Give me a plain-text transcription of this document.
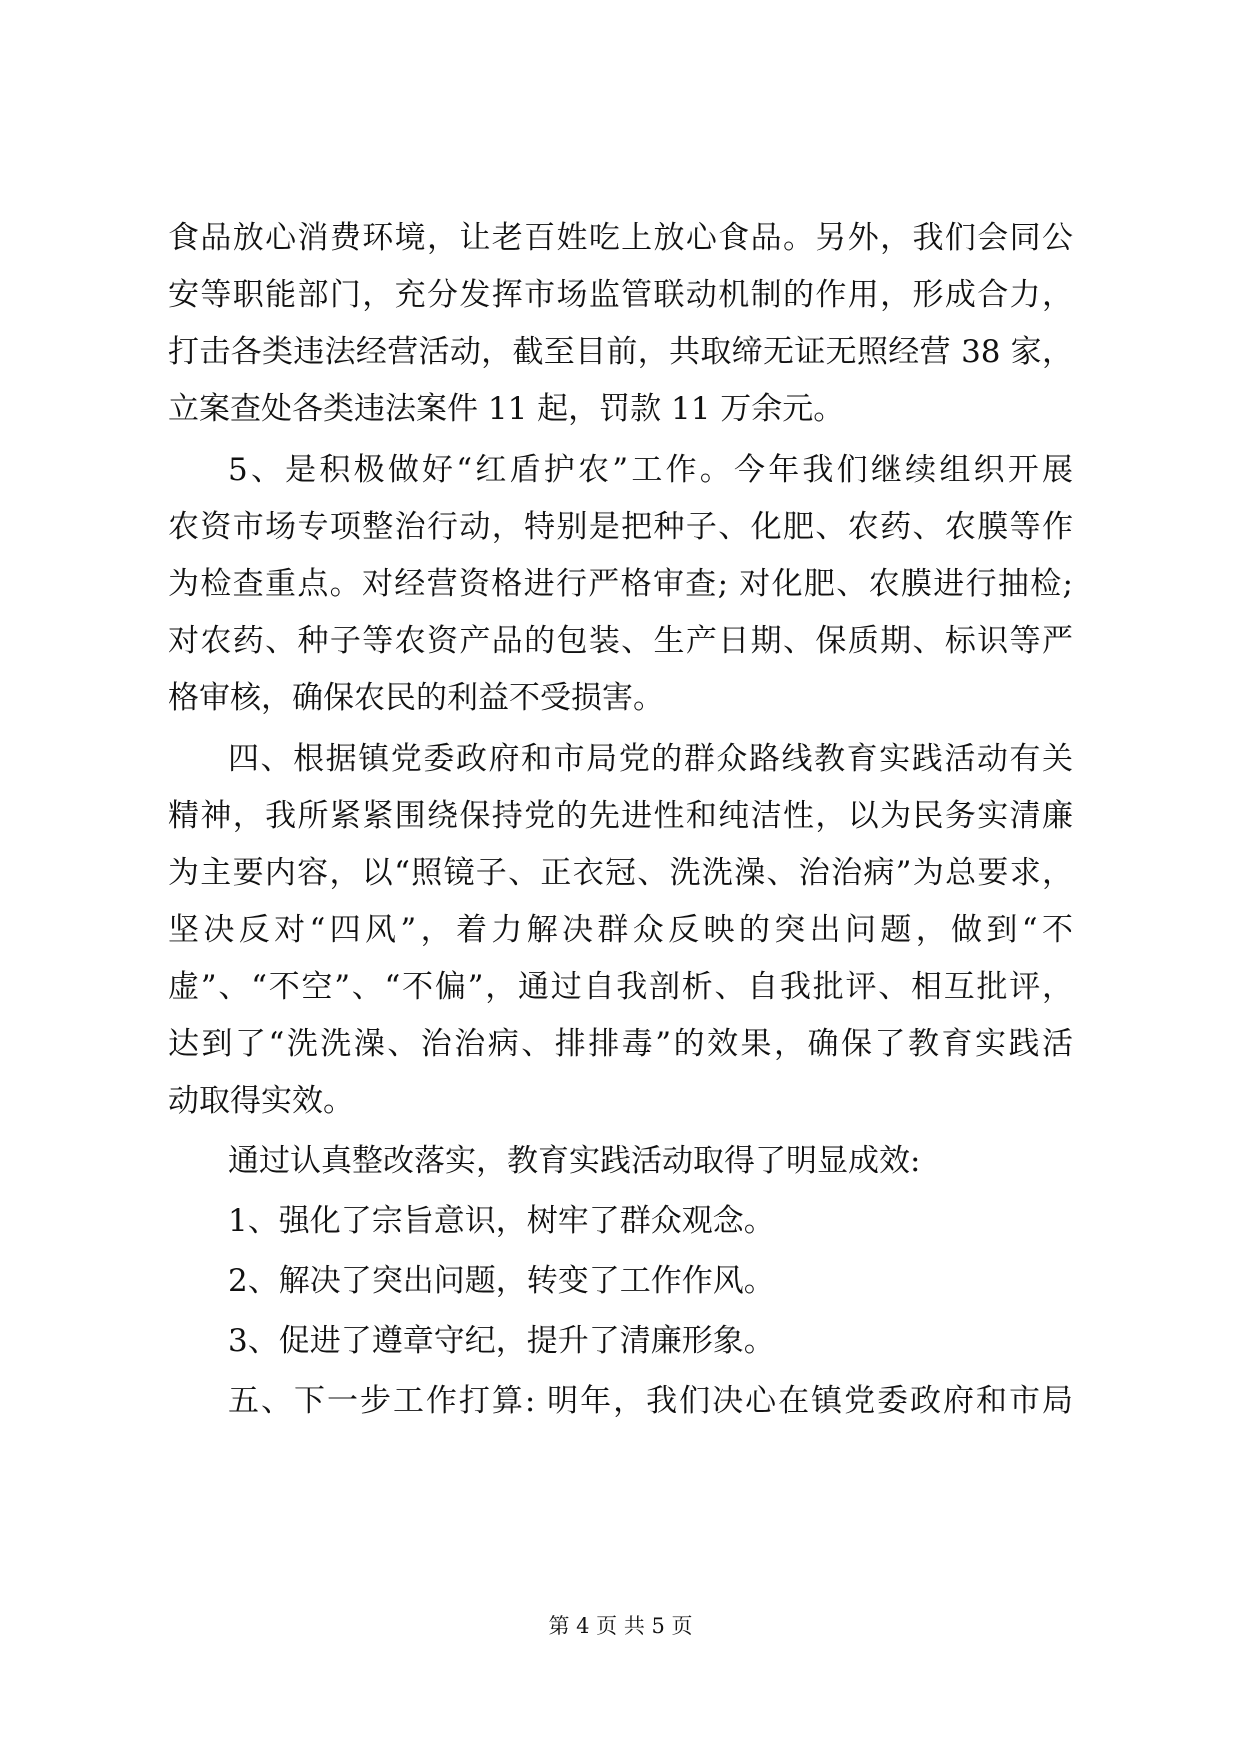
食品放心消费环境，让老百姓吃上放心食品。另外，我们会同公
安等职能部门，充分发挥市场监管联动机制的作用，形成合力，
打击各类违法经营活动，截至目前，共取缔无证无照经营 38 家，
立案查处各类违法案件 11 起，罚款 11 万余元。
5、是积极做好“红盾护农”工作。今年我们继续组织开展
农资市场专项整治行动，特别是把种子、化肥、农药、农膜等作
为检查重点。对经营资格进行严格审查; 对化肥、农膜进行抽检;
对农药、种子等农资产品的包装、生产日期、保质期、标识等严
格审核，确保农民的利益不受损害。
四、根据镇党委政府和市局党的群众路线教育实践活动有关
精神，我所紧紧围绕保持党的先进性和纯洁性，以为民务实清廉
为主要内容，以“照镜子、正衣冠、洗洗澡、治治病”为总要求，
坚决反对“四风”，着力解决群众反映的突出问题，做到“不
虚”、“不空”、“不偏”，通过自我剖析、自我批评、相互批评，
达到了“洗洗澡、治治病、排排毒”的效果，确保了教育实践活
动取得实效。
通过认真整改落实，教育实践活动取得了明显成效:
1、强化了宗旨意识，树牢了群众观念。
2、解决了突出问题，转变了工作作风。
3、促进了遵章守纪，提升了清廉形象。
五、下一步工作打算: 明年，我们决心在镇党委政府和市局
第 4 页 共 5 页
